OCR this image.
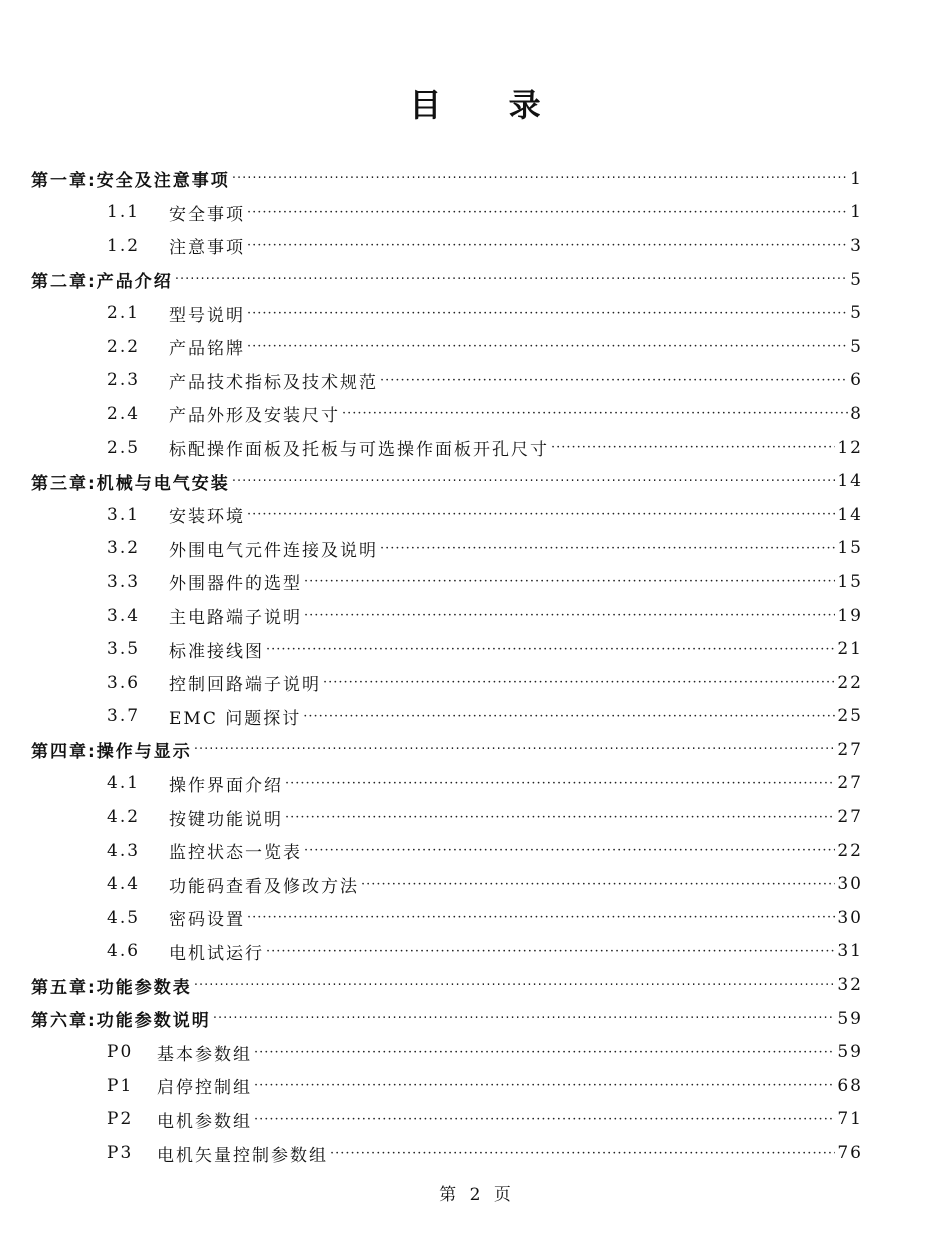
目 录
第一章:安全及注意事项 ·····	1
1.1	安全事项 ·····	1
1.2	注意事项 ·····	3
第二章:产品介绍 ·····	5
2.1	型号说明 ·····	5
2.2	产品铭牌 ·····	5
2.3	产品技术指标及技术规范 ·····	6
2.4	产品外形及安装尺寸 ·····	8
2.5	标配操作面板及托板与可选操作面板开孔尺寸 ·····	12
第三章:机械与电气安装 ·····	14
3.1	安装环境 ·····	14
3.2	外围电气元件连接及说明 ·····	15
3.3	外围器件的选型 ·····	15
3.4	主电路端子说明 ·····	19
3.5	标准接线图 ·····	21
3.6	控制回路端子说明 ·····	22
3.7	EMC 问题探讨 ·····	25
第四章:操作与显示 ·····	27
4.1	操作界面介绍 ·····	27
4.2	按键功能说明 ·····	27
4.3	监控状态一览表 ·····	22
4.4	功能码查看及修改方法 ·····	30
4.5	密码设置 ·····	30
4.6	电机试运行 ·····	31
第五章:功能参数表 ·····	32
第六章:功能参数说明 ·····	59
P0	基本参数组 ·····	59
P1	启停控制组 ·····	68
P2	电机参数组 ·····	71
P3	电机矢量控制参数组 ·····	76
第 2 页
